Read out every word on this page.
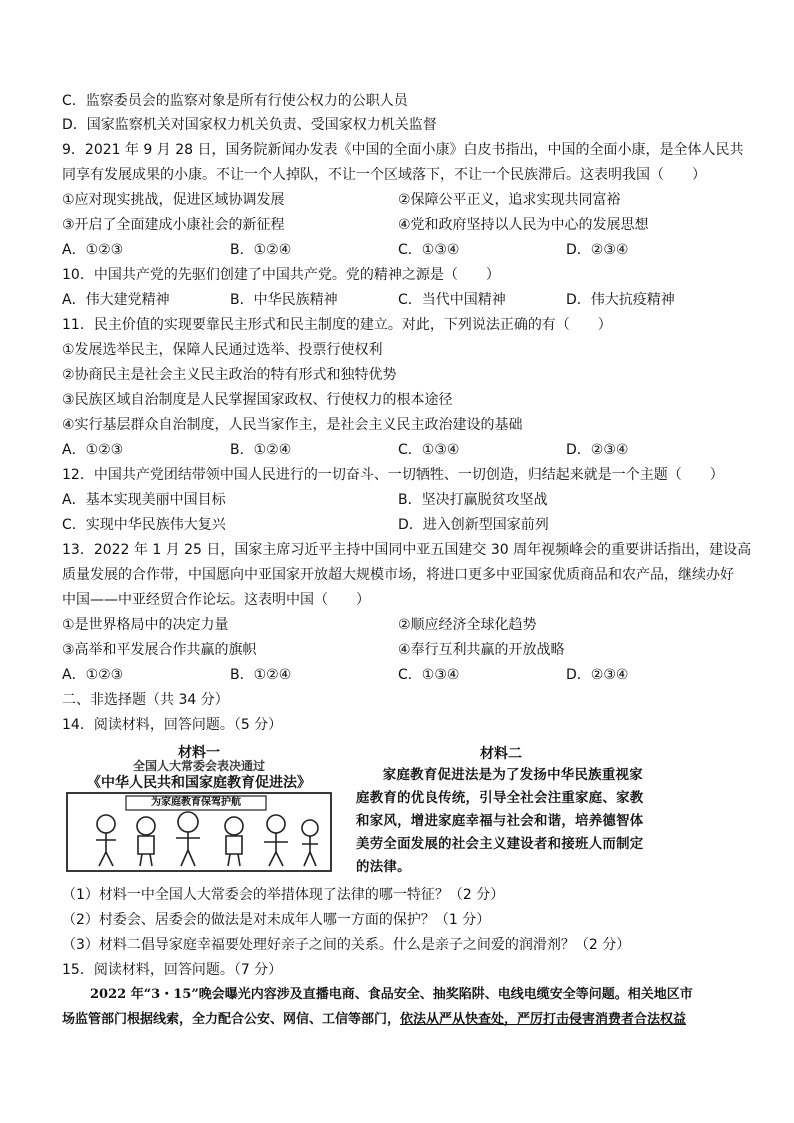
C．监察委员会的监察对象是所有行使公权力的公职人员
D．国家监察机关对国家权力机关负责、受国家权力机关监督
9．2021 年 9 月 28 日，国务院新闻办发表《中国的全面小康》白皮书指出，中国的全面小康，是全体人民共
同享有发展成果的小康。不让一个人掉队，不让一个区域落下，不让一个民族滞后。这表明我国（　　）
①应对现实挑战，促进区域协调发展	②保障公平正义，追求实现共同富裕
③开启了全面建成小康社会的新征程	④党和政府坚持以人民为中心的发展思想
A．①②③	B．①②④	C．①③④	D．②③④
10．中国共产党的先驱们创建了中国共产党。党的精神之源是（　　）
A．伟大建党精神	B．中华民族精神	C．当代中国精神	D．伟大抗疫精神
11．民主价值的实现要靠民主形式和民主制度的建立。对此，下列说法正确的有（　　）
①发展选举民主，保障人民通过选举、投票行使权利
②协商民主是社会主义民主政治的特有形式和独特优势
③民族区域自治制度是人民掌握国家政权、行使权力的根本途径
④实行基层群众自治制度，人民当家作主，是社会主义民主政治建设的基础
A．①②③	B．①②④	C．①③④	D．②③④
12．中国共产党团结带领中国人民进行的一切奋斗、一切牺牲、一切创造，归结起来就是一个主题（　　）
A．基本实现美丽中国目标	B．坚决打赢脱贫攻坚战
C．实现中华民族伟大复兴	D．进入创新型国家前列
13．2022 年 1 月 25 日，国家主席习近平主持中国同中亚五国建交 30 周年视频峰会的重要讲话指出，建设高
质量发展的合作带，中国愿向中亚国家开放超大规模市场，将进口更多中亚国家优质商品和农产品，继续办好
中国——中亚经贸合作论坛。这表明中国（　　）
①是世界格局中的决定力量	②顺应经济全球化趋势
③高举和平发展合作共赢的旗帜	④奉行互利共赢的开放战略
A．①②③	B．①②④	C．①③④	D．②③④
二、非选择题（共 34 分）
14．阅读材料，回答问题。（5 分）
材料一
全国人大常委会表决通过
《中华人民共和国家庭教育促进法》
为家庭教育保驾护航
材料二
家庭教育促进法是为了发扬中华民族重视家庭教育的优良传统，引导全社会注重家庭、家教和家风，增进家庭幸福与社会和谐，培养德智体美劳全面发展的社会主义建设者和接班人而制定的法律。
（1）材料一中全国人大常委会的举措体现了法律的哪一特征？（2 分）
（2）村委会、居委会的做法是对未成年人哪一方面的保护？（1 分）
（3）材料二倡导家庭幸福要处理好亲子之间的关系。什么是亲子之间爱的润滑剂？（2 分）
15．阅读材料，回答问题。（7 分）
2022 年“3・15”晚会曝光内容涉及直播电商、食品安全、抽奖陷阱、电线电缆安全等问题。相关地区市
场监管部门根据线索，全力配合公安、网信、工信等部门，依法从严从快查处，严厉打击侵害消费者合法权益
